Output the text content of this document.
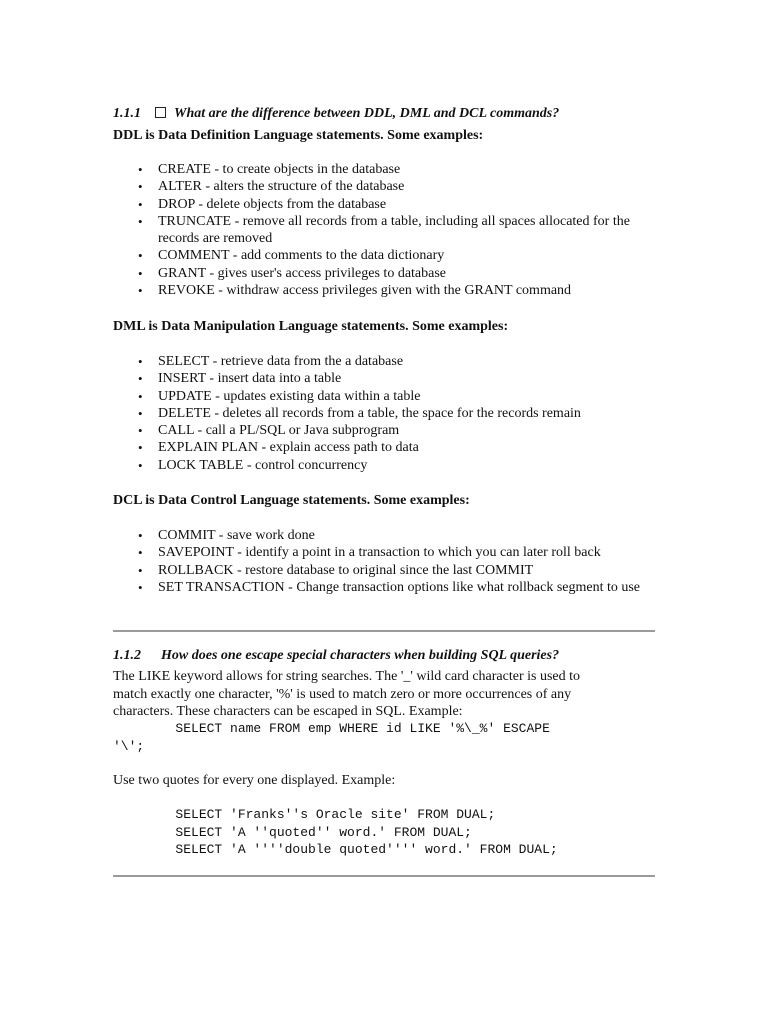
1.1.1 What are the difference between DDL, DML and DCL commands?
DDL is Data Definition Language statements. Some examples:
• CREATE - to create objects in the database
• ALTER - alters the structure of the database
• DROP - delete objects from the database
• TRUNCATE - remove all records from a table, including all spaces allocated for the records are removed
• COMMENT - add comments to the data dictionary
• GRANT - gives user's access privileges to database
• REVOKE - withdraw access privileges given with the GRANT command
DML is Data Manipulation Language statements. Some examples:
• SELECT - retrieve data from the a database
• INSERT - insert data into a table
• UPDATE - updates existing data within a table
• DELETE - deletes all records from a table, the space for the records remain
• CALL - call a PL/SQL or Java subprogram
• EXPLAIN PLAN - explain access path to data
• LOCK TABLE - control concurrency
DCL is Data Control Language statements. Some examples:
• COMMIT - save work done
• SAVEPOINT - identify a point in a transaction to which you can later roll back
• ROLLBACK - restore database to original since the last COMMIT
• SET TRANSACTION - Change transaction options like what rollback segment to use
1.1.2 How does one escape special characters when building SQL queries?

The LIKE keyword allows for string searches. The '_' wild card character is used to

match exactly one character, '%' is used to match zero or more occurrences of any

characters. These characters can be escaped in SQL. Example:

SELECT name FROM emp WHERE id LIKE '%\_%' ESCAPE
'\';
Use two quotes for every one displayed. Example:
SELECT 'Franks''s Oracle site' FROM DUAL;
SELECT 'A ''quoted'' word.' FROM DUAL;
SELECT 'A ''''double quoted'''' word.' FROM DUAL;
